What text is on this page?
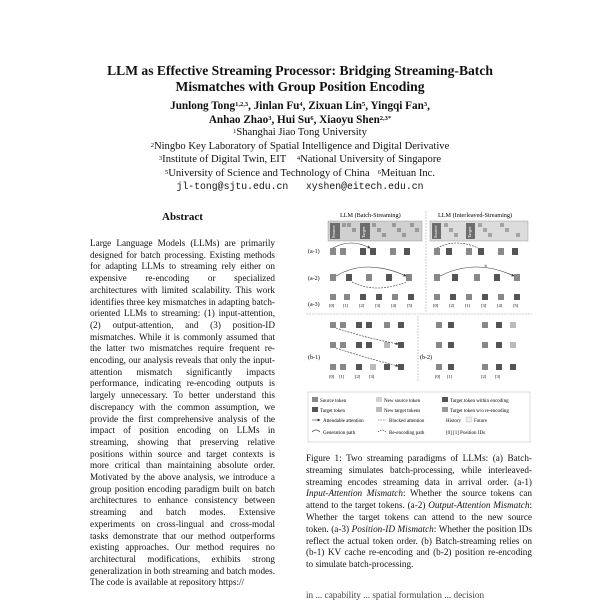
LLM as Effective Streaming Processor: Bridging Streaming-Batch
Mismatches with Group Position Encoding
Junlong Tong$^{1,2,3}$, Jinlan Fu$^4$, Zixuan Lin$^5$, Yingqi Fan$^3$,
Anhao Zhao$^3$, Hui Su$^6$, Xiaoyu Shen$^{2,3*}$
$^1$Shanghai Jiao Tong University
$^2$Ningbo Key Laboratory of Spatial Intelligence and Digital Derivative
$^3$Institute of Digital Twin, EIT $^4$National University of Singapore
$^5$University of Science and Technology of China $^6$Meituan Inc.
jl-tong@sjtu.edu.cn xyshen@eitech.edu.cn
Abstract
Large Language Models (LLMs) are primarily designed for batch processing. Existing methods for adapting LLMs to streaming rely either on expensive re-encoding or specialized architectures with limited scalability. This work identifies three key mismatches in adapting batch-oriented LLMs to streaming: (1) input-attention, (2) output-attention, and (3) position-ID mismatches. While it is commonly assumed that the latter two mismatches require frequent re-encoding, our analysis reveals that only the input-attention mismatch significantly impacts performance, indicating re-encoding outputs is largely unnecessary. To better understand this discrepancy with the common assumption, we provide the first comprehensive analysis of the impact of position encoding on LLMs in streaming, showing that preserving relative positions within source and target contexts is more critical than maintaining absolute order. Motivated by the above analysis, we introduce a group position encoding paradigm built on batch architectures to enhance consistency between streaming and batch modes. Extensive experiments on cross-lingual and cross-modal tasks demonstrate that our method outperforms existing approaches. Our method requires no architectural modifications, exhibits strong generalization in both streaming and batch modes. The code is available at repository https://
LLM (Batch-Streaming)	LLM (Interleaved-Streaming)
Source	Target	Source	Target
(a-1)
(a-2)
(a-3)
(b-1)	(b-2)
×
[0] [1] [2] [3] [4] [5]	[0] [2] [1] [3] [4] [5]
[0] [1] [2] [3]	[0] [1]	[2] [3]
Source token	New source token	Target token within encoding
Target token	New target tokens	Target token w/o re-encoding
Attendable attention	Blocked attention	History	Future
Generation path	Re-encoding path	[0] [1] Position IDs
Figure 1: Two streaming paradigms of LLMs: (a) Batch-streaming simulates batch-processing, while interleaved-streaming encodes streaming data in arrival order. (a-1) Input-Attention Mismatch: Whether the source tokens can attend to the target tokens. (a-2) Output-Attention Mismatch: Whether the target tokens can attend to the new source token. (a-3) Position-ID Mismatch: Whether the position IDs reflect the actual token order. (b) Batch-streaming relies on (b-1) KV cache re-encoding and (b-2) position re-encoding to simulate batch-processing.
in ... capability ... spatial formulation ... decision
